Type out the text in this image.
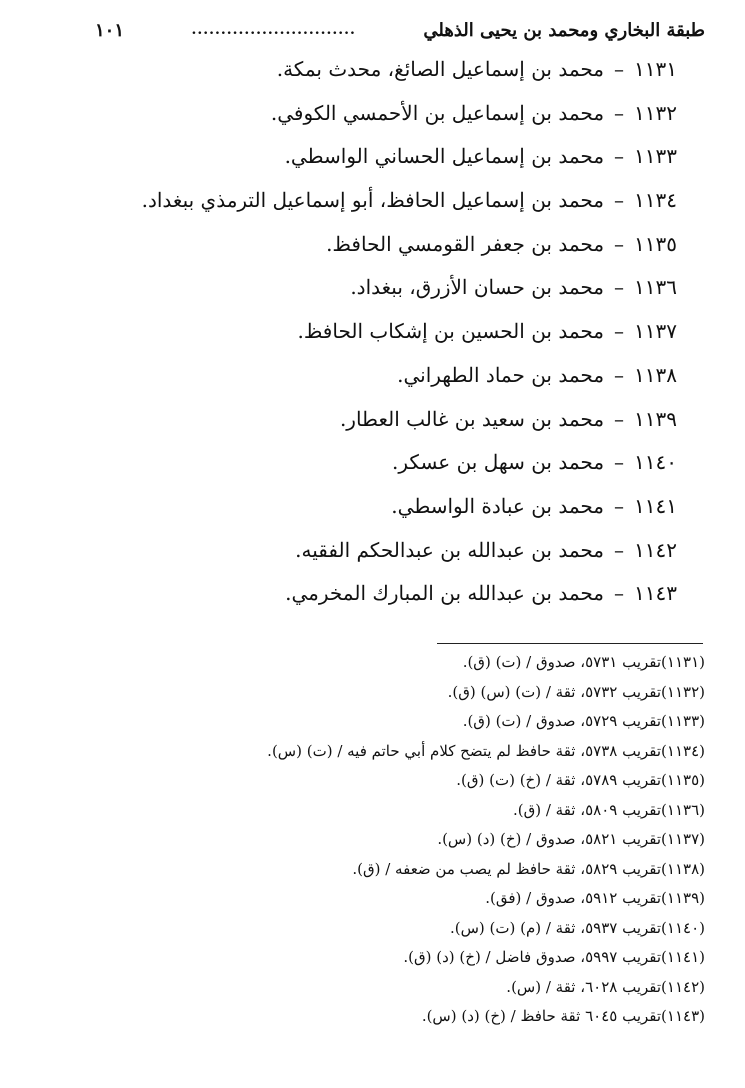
طبقة البخاري ومحمد بن يحيى الذهلي
............................
١٠١
١١٣١–محمد بن إسماعيل الصائغ، محدث بمكة.
١١٣٢–محمد بن إسماعيل بن الأحمسي الكوفي.
١١٣٣–محمد بن إسماعيل الحساني الواسطي.
١١٣٤–محمد بن إسماعيل الحافظ، أبو إسماعيل الترمذي ببغداد.
١١٣٥–محمد بن جعفر القومسي الحافظ.
١١٣٦–محمد بن حسان الأزرق، ببغداد.
١١٣٧–محمد بن الحسين بن إشكاب الحافظ.
١١٣٨–محمد بن حماد الطهراني.
١١٣٩–محمد بن سعيد بن غالب العطار.
١١٤٠–محمد بن سهل بن عسكر.
١١٤١–محمد بن عبادة الواسطي.
١١٤٢–محمد بن عبدالله بن عبدالحكم الفقيه.
١١٤٣–محمد بن عبدالله بن المبارك المخرمي.
(١١٣١)تقريب ٥٧٣١، صدوق / (ت) (ق).
(١١٣٢)تقريب ٥٧٣٢، ثقة / (ت) (س) (ق).
(١١٣٣)تقريب ٥٧٢٩، صدوق / (ت) (ق).
(١١٣٤)تقريب ٥٧٣٨، ثقة حافظ لم يتضح كلام أبي حاتم فيه / (ت) (س).
(١١٣٥)تقريب ٥٧٨٩، ثقة / (خ) (ت) (ق).
(١١٣٦)تقريب ٥٨٠٩، ثقة / (ق).
(١١٣٧)تقريب ٥٨٢١، صدوق / (خ) (د) (س).
(١١٣٨)تقريب ٥٨٢٩، ثقة حافظ لم يصب من ضعفه / (ق).
(١١٣٩)تقريب ٥٩١٢، صدوق / (فق).
(١١٤٠)تقريب ٥٩٣٧، ثقة / (م) (ت) (س).
(١١٤١)تقريب ٥٩٩٧، صدوق فاضل / (خ) (د) (ق).
(١١٤٢)تقريب ٦٠٢٨، ثقة / (س).
(١١٤٣)تقريب ٦٠٤٥ ثقة حافظ / (خ) (د) (س).
